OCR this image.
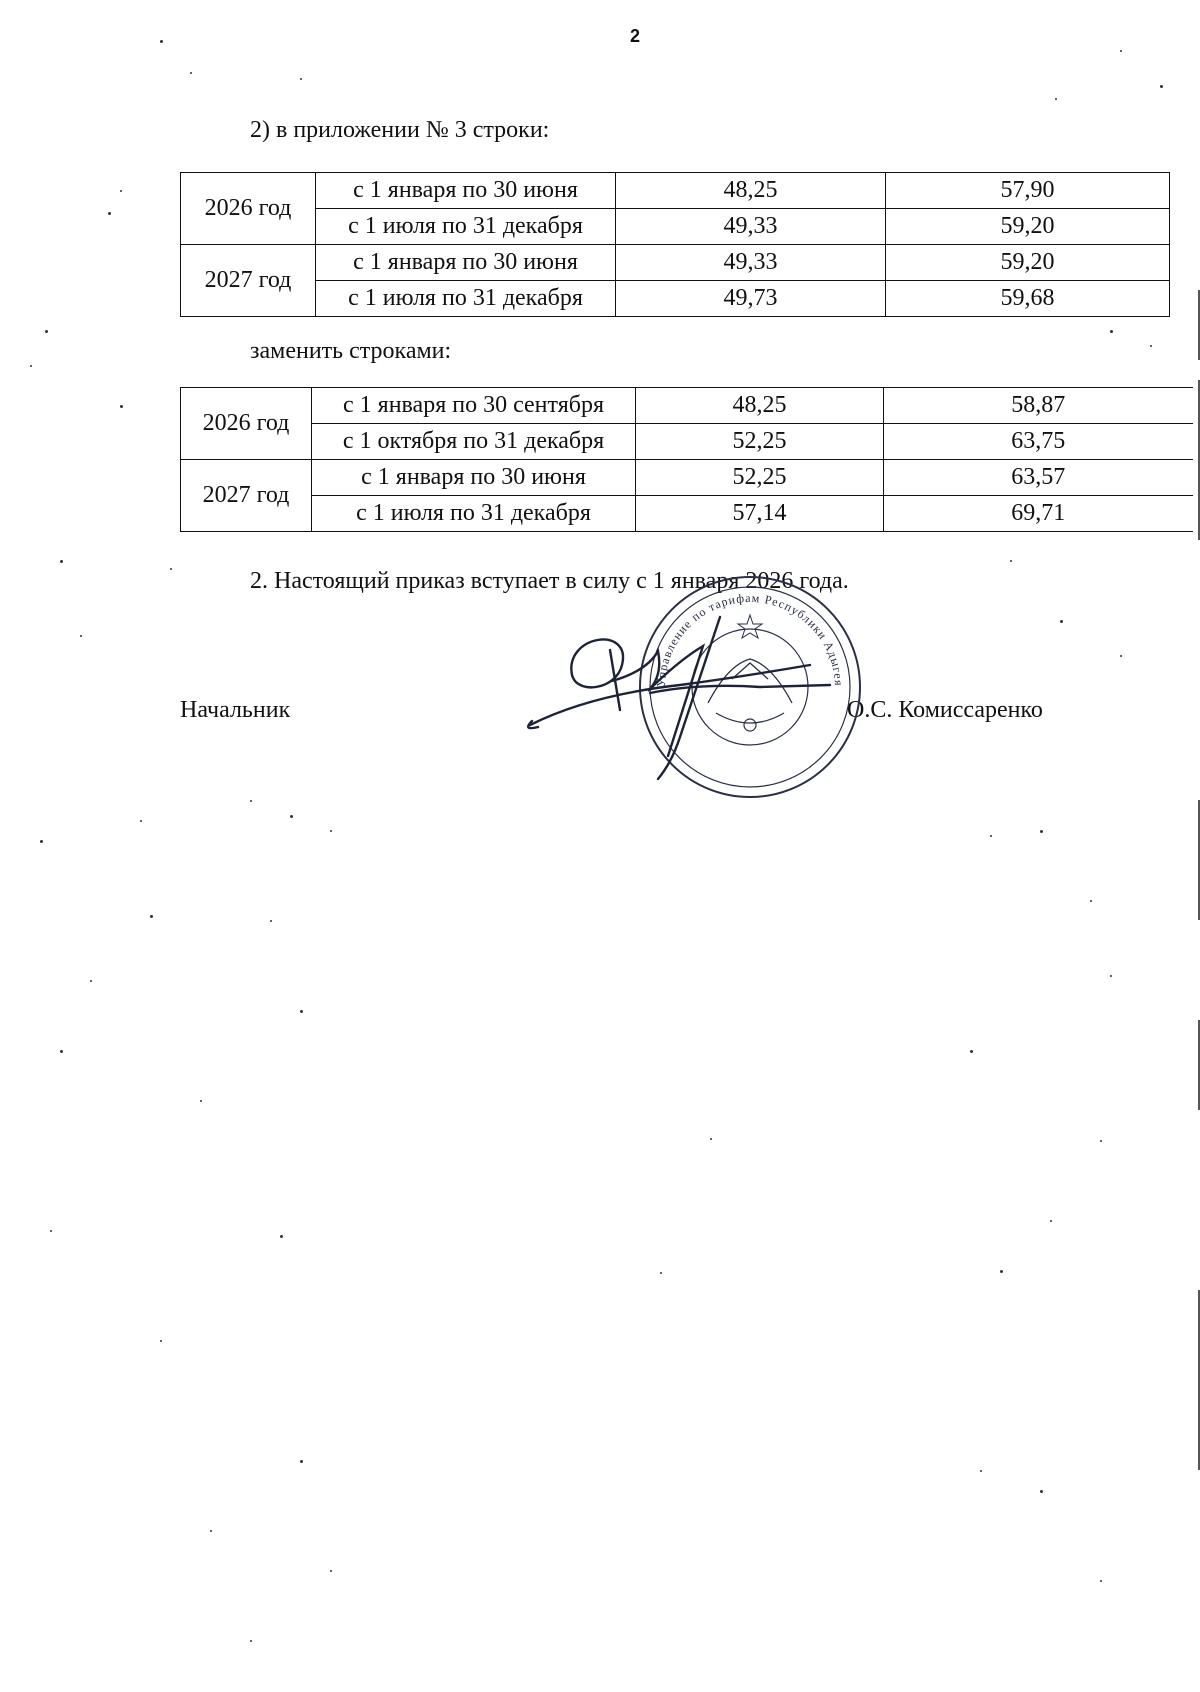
2
2) в приложении № 3 строки:
2026 год	с 1 января по 30 июня	48,25	57,90
	с 1 июля по 31 декабря	49,33	59,20
2027 год	с 1 января по 30 июня	49,33	59,20
	с 1 июля по 31 декабря	49,73	59,68
заменить строками:
2026 год	с 1 января по 30 сентября	48,25	58,87
	с 1 октября по 31 декабря	52,25	63,75
2027 год	с 1 января по 30 июня	52,25	63,57
	с 1 июля по 31 декабря	57,14	69,71
2. Настоящий приказ вступает в силу с 1 января 2026 года.
Начальник	О.С. Комиссаренко
Управление по тарифам Республики Адыгея
